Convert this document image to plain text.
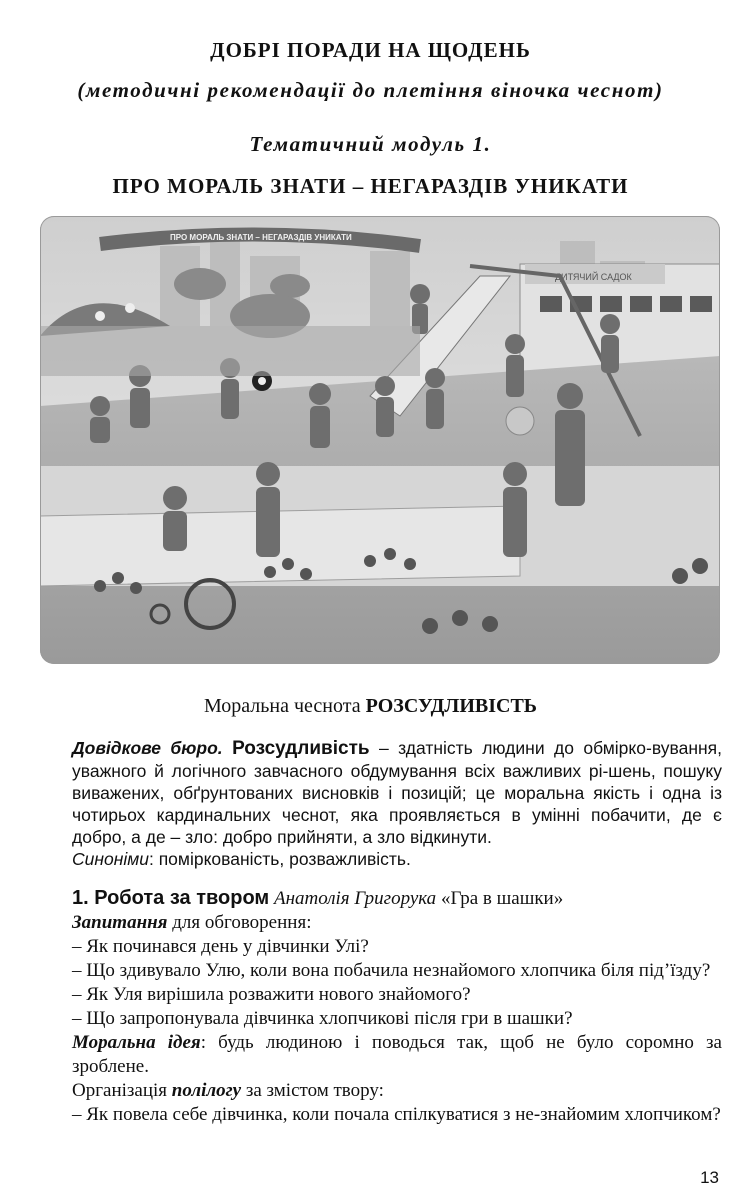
ДОБРІ ПОРАДИ НА ЩОДЕНЬ
(методичні рекомендації до плетіння віночка чеснот)
Тематичний модуль 1.
ПРО МОРАЛЬ ЗНАТИ – НЕГАРАЗДІВ УНИКАТИ
ПРО МОРАЛЬ ЗНАТИ – НЕГАРАЗДІВ УНИКАТИ
ДИТЯЧИЙ САДОК
Моральна чеснота РОЗСУДЛИВІСТЬ

Довідкове бюро. Розсудливість – здатність людини до обмірко-вування, уважного й логічного завчасного обдумування всіх важливих рі-шень, пошуку виважених, обґрунтованих висновків і позицій; це моральна якість і одна із чотирьох кардинальних чеснот, яка проявляється в умінні побачити, де є добро, а де – зло: добро прийняти, а зло відкинути.

Синоніми: поміркованість, розважливість.

1. Робота за твором Анатолія Григорука «Гра в шашки»

Запитання для обговорення:

– Як починався день у дівчинки Улі?

– Що здивувало Улю, коли вона побачила незнайомого хлопчика біля під’їзду?

– Як Уля вирішила розважити нового знайомого?

– Що запропонувала дівчинка хлопчикові після гри в шашки?

Моральна ідея: будь людиною і поводься так, щоб не було соромно за зроблене.

Організація полілогу за змістом твору:

– Як повела себе дівчинка, коли почала спілкуватися з не-знайомим хлопчиком?

13
